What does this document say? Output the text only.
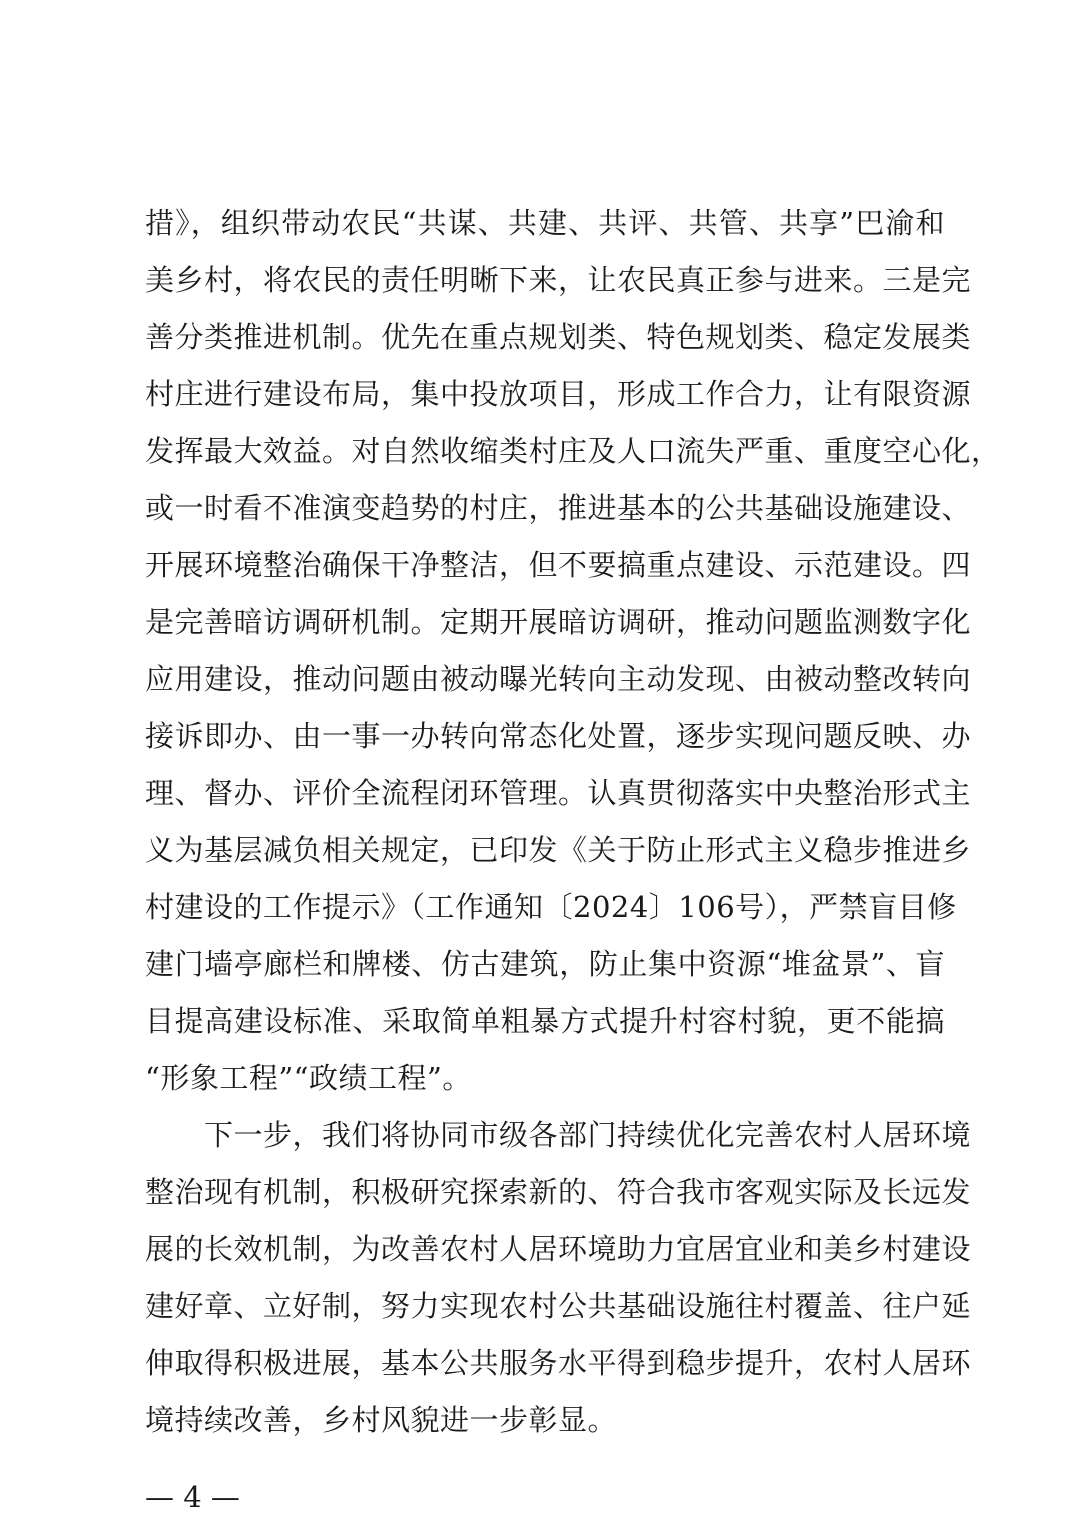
措》，组织带动农民“共谋、共建、共评、共管、共享”巴渝和
美乡村，将农民的责任明晰下来，让农民真正参与进来。三是完
善分类推进机制。优先在重点规划类、特色规划类、稳定发展类
村庄进行建设布局，集中投放项目，形成工作合力，让有限资源
发挥最大效益。对自然收缩类村庄及人口流失严重、重度空心化，
或一时看不准演变趋势的村庄，推进基本的公共基础设施建设、
开展环境整治确保干净整洁，但不要搞重点建设、示范建设。四
是完善暗访调研机制。定期开展暗访调研，推动问题监测数字化
应用建设，推动问题由被动曝光转向主动发现、由被动整改转向
接诉即办、由一事一办转向常态化处置，逐步实现问题反映、办
理、督办、评价全流程闭环管理。认真贯彻落实中央整治形式主
义为基层减负相关规定，已印发《关于防止形式主义稳步推进乡
村建设的工作提示》（工作通知〔2024〕106号），严禁盲目修
建门墙亭廊栏和牌楼、仿古建筑，防止集中资源“堆盆景”、盲
目提高建设标准、采取简单粗暴方式提升村容村貌，更不能搞
“形象工程”“政绩工程”。
　　下一步，我们将协同市级各部门持续优化完善农村人居环境
整治现有机制，积极研究探索新的、符合我市客观实际及长远发
展的长效机制，为改善农村人居环境助力宜居宜业和美乡村建设
建好章、立好制，努力实现农村公共基础设施往村覆盖、往户延
伸取得积极进展，基本公共服务水平得到稳步提升，农村人居环
— 4 —
境持续改善，乡村风貌进一步彰显。
